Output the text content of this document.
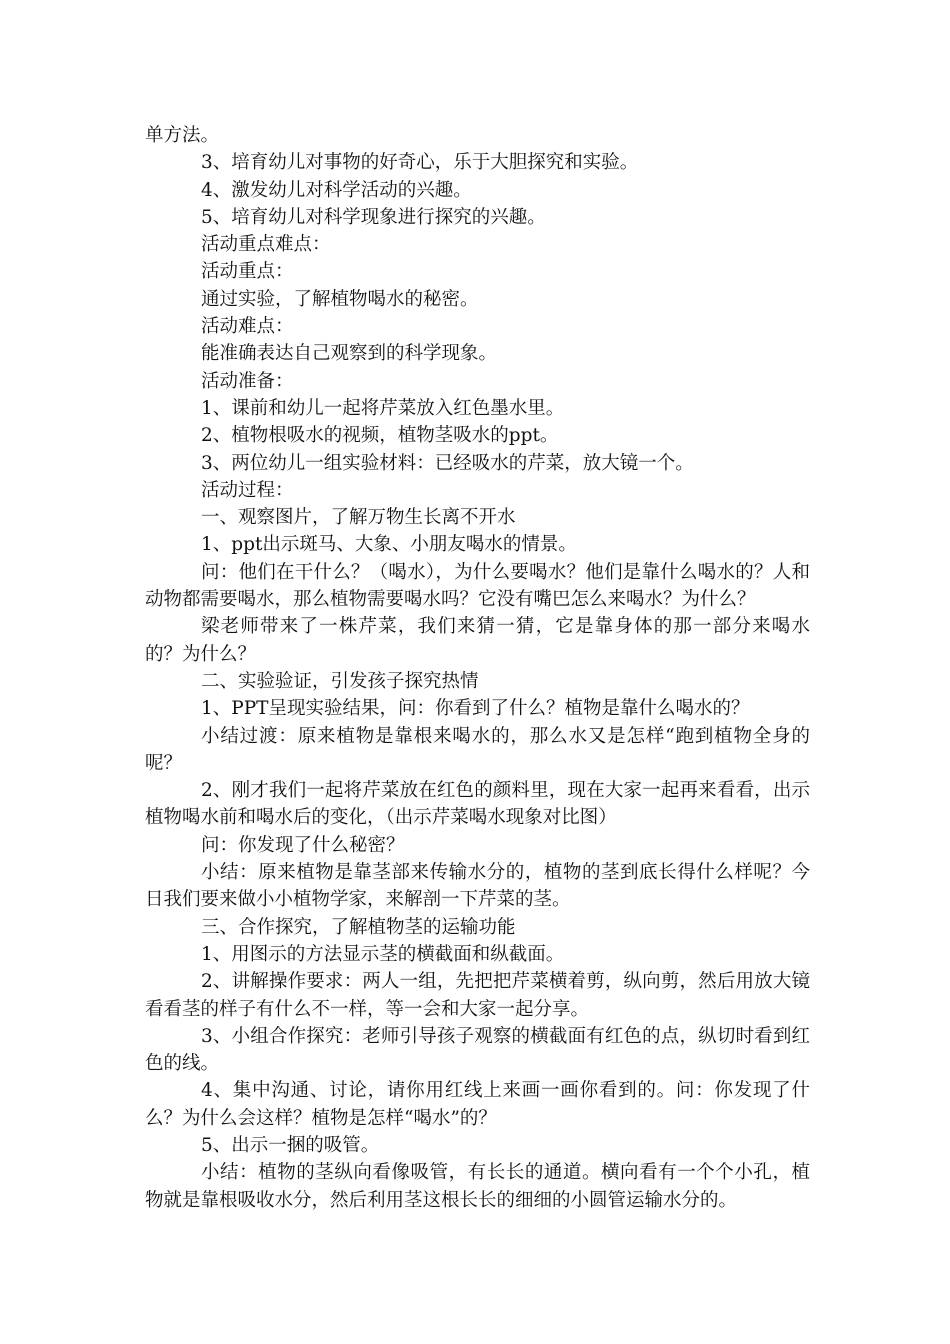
单方法。

3、培育幼儿对事物的好奇心，乐于大胆探究和实验。

4、激发幼儿对科学活动的兴趣。

5、培育幼儿对科学现象进行探究的兴趣。

活动重点难点：

活动重点：

通过实验，了解植物喝水的秘密。

活动难点：

能准确表达自己观察到的科学现象。

活动准备：

1、课前和幼儿一起将芹菜放入红色墨水里。

2、植物根吸水的视频，植物茎吸水的ppt。

3、两位幼儿一组实验材料：已经吸水的芹菜，放大镜一个。

活动过程：

一、观察图片，了解万物生长离不开水

1、ppt出示斑马、大象、小朋友喝水的情景。

问：他们在干什么？（喝水），为什么要喝水？他们是靠什么喝水的？人和动物都需要喝水，那么植物需要喝水吗？它没有嘴巴怎么来喝水？为什么？

梁老师带来了一株芹菜，我们来猜一猜，它是靠身体的那一部分来喝水的？为什么？

二、实验验证，引发孩子探究热情

1、PPT呈现实验结果，问：你看到了什么？植物是靠什么喝水的？

小结过渡：原来植物是靠根来喝水的，那么水又是怎样“跑到植物全身的呢？

2、刚才我们一起将芹菜放在红色的颜料里，现在大家一起再来看看，出示植物喝水前和喝水后的变化，（出示芹菜喝水现象对比图）

问：你发现了什么秘密？

小结：原来植物是靠茎部来传输水分的，植物的茎到底长得什么样呢？今日我们要来做小小植物学家，来解剖一下芹菜的茎。

三、合作探究，了解植物茎的运输功能

1、用图示的方法显示茎的横截面和纵截面。

2、讲解操作要求：两人一组，先把把芹菜横着剪，纵向剪，然后用放大镜看看茎的样子有什么不一样，等一会和大家一起分享。

3、小组合作探究：老师引导孩子观察的横截面有红色的点，纵切时看到红色的线。

4、集中沟通、讨论，请你用红线上来画一画你看到的。问：你发现了什么？为什么会这样？植物是怎样“喝水”的？

5、出示一捆的吸管。

小结：植物的茎纵向看像吸管，有长长的通道。横向看有一个个小孔，植物就是靠根吸收水分，然后利用茎这根长长的细细的小圆管运输水分的。
